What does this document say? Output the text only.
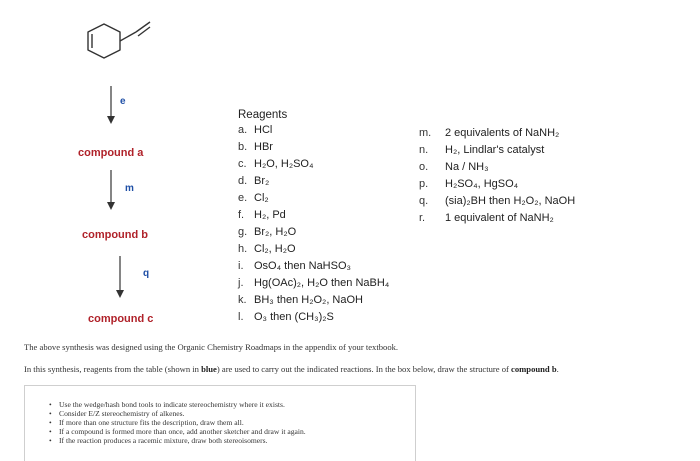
e
compound a
m
compound b
q
compound c
Reagents
a. HCl
b. HBr
c. H₂O, H₂SO₄
d. Br₂
e. Cl₂
f. H₂, Pd
g. Br₂, H₂O
h. Cl₂, H₂O
i. OsO₄ then NaHSO₃
j. Hg(OAc)₂, H₂O then NaBH₄
k. BH₃ then H₂O₂, NaOH
l. O₃ then (CH₃)₂S
m. 2 equivalents of NaNH₂
n. H₂, Lindlar's catalyst
o. Na / NH₃
p. H₂SO₄, HgSO₄
q. (sia)₂BH then H₂O₂, NaOH
r. 1 equivalent of NaNH₂
The above synthesis was designed using the Organic Chemistry Roadmaps in the appendix of your textbook.
In this synthesis, reagents from the table (shown in blue) are used to carry out the indicated reactions. In the box below, draw the structure of compound b.
• Use the wedge/hash bond tools to indicate stereochemistry where it exists.
• Consider E/Z stereochemistry of alkenes.
• If more than one structure fits the description, draw them all.
• If a compound is formed more than once, add another sketcher and draw it again.
• If the reaction produces a racemic mixture, draw both stereoisomers.
